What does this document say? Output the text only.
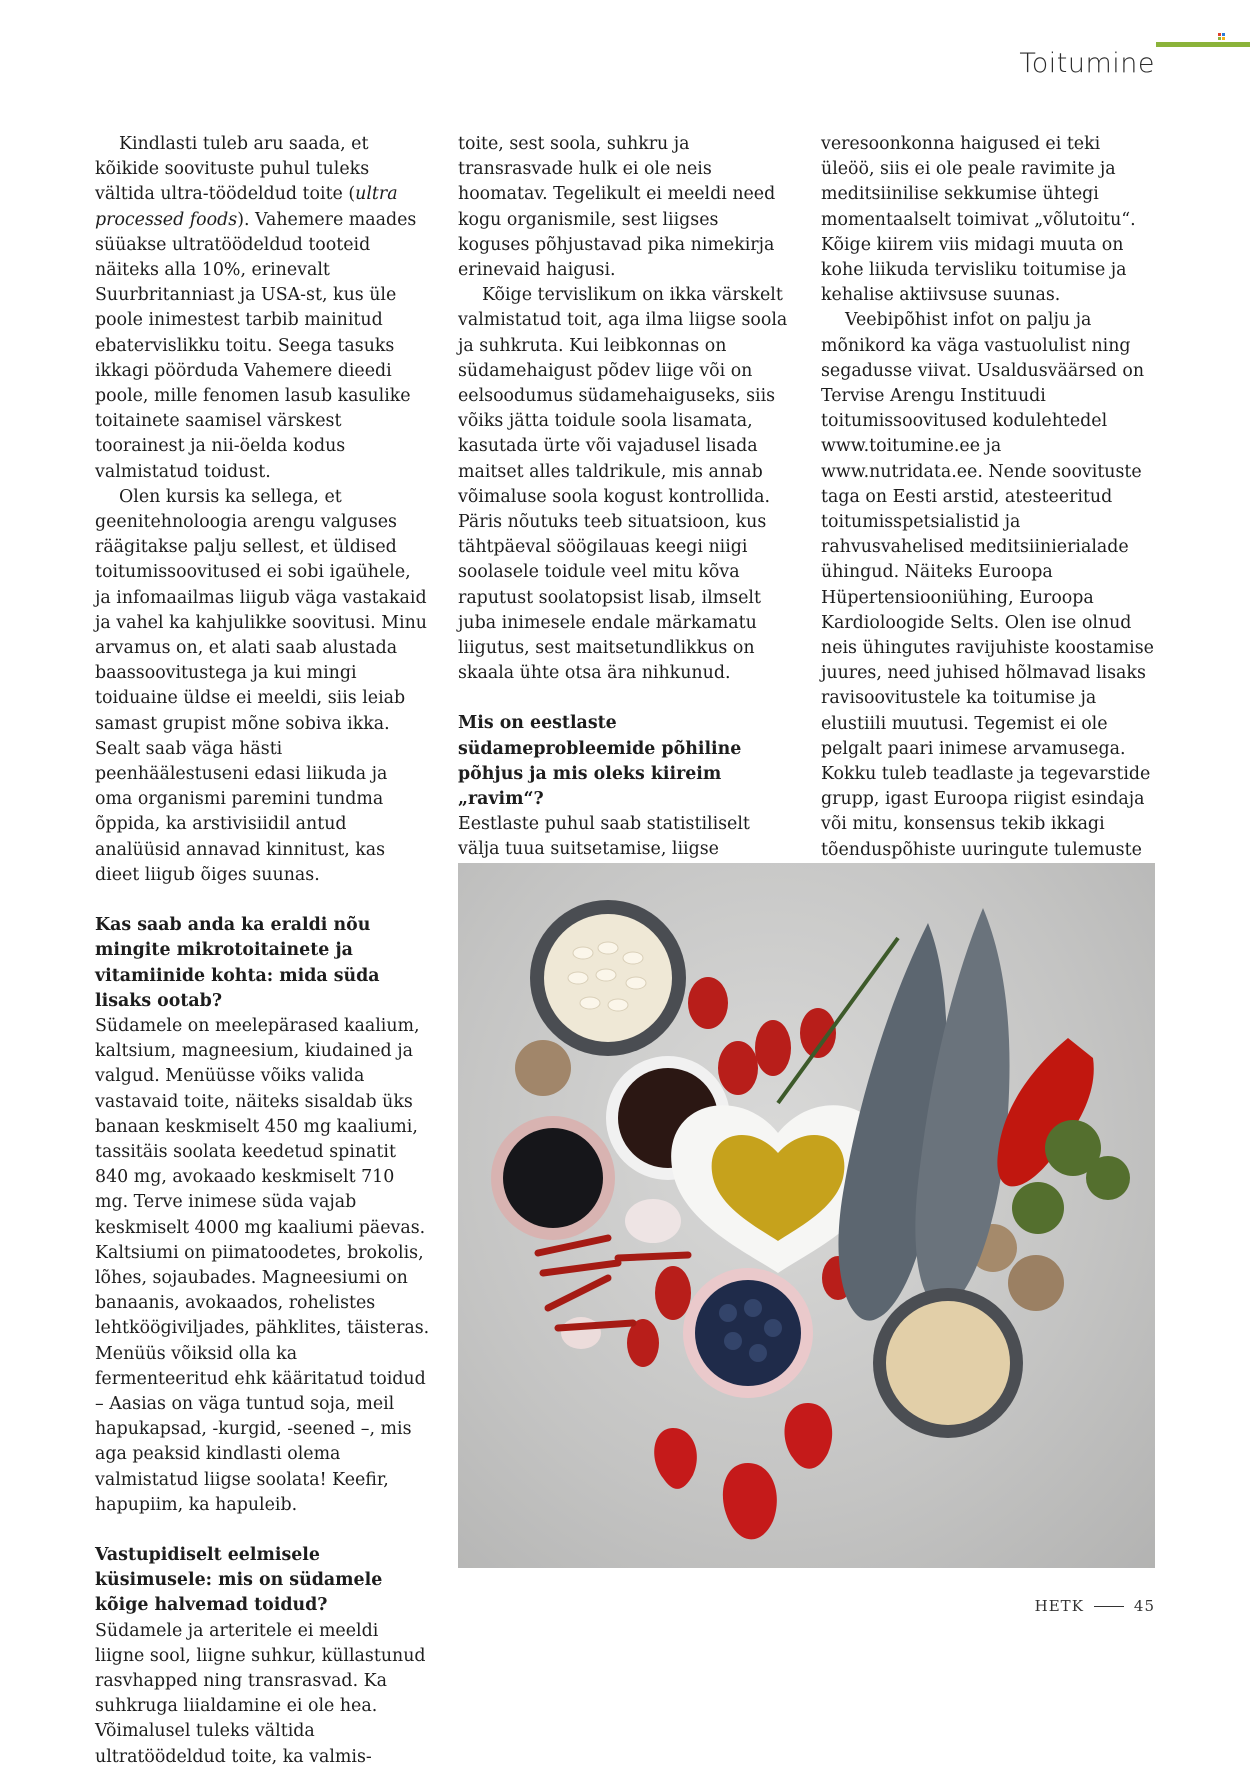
Toitumine

Kindlasti tuleb aru saada, et kõikide soovituste puhul tuleks vältida ultra-töödeldud toite (ultra processed foods). Vahemere maades süüakse ultratöödeldud tooteid näiteks alla 10%, erinevalt Suurbritanniast ja USA-st, kus üle poole inimestest tarbib mainitud ebatervislikku toitu. Seega tasuks ikkagi pöörduda Vahemere dieedi poole, mille fenomen lasub kasulike toitainete saamisel värskest toorainest ja nii-öelda kodus valmistatud toidust.

Olen kursis ka sellega, et geenitehnoloogia arengu valguses räägitakse palju sellest, et üldised toitumissoovitused ei sobi igaühele, ja infomaailmas liigub väga vastakaid ja vahel ka kahjulikke soovitusi. Minu arvamus on, et alati saab alustada baassoovitustega ja kui mingi toiduaine üldse ei meeldi, siis leiab samast grupist mõne sobiva ikka. Sealt saab väga hästi peenhäälestuseni edasi liikuda ja oma organismi paremini tundma õppida, ka arstivisiidil antud analüüsid annavad kinnitust, kas dieet liigub õiges suunas.

Kas saab anda ka eraldi nõu mingite mikrotoitainete ja vitamiinide kohta: mida süda lisaks ootab?

Südamele on meelepärased kaalium, kaltsium, magneesium, kiudained ja valgud. Menüüsse võiks valida vastavaid toite, näiteks sisaldab üks banaan keskmiselt 450 mg kaaliumi, tassitäis soolata keedetud spinatit 840 mg, avokaado keskmiselt 710 mg. Terve inimese süda vajab keskmiselt 4000 mg kaaliumi päevas. Kaltsiumi on piimatoodetes, brokolis, lõhes, sojaubades. Magneesiumi on banaanis, avokaados, rohelistes lehtköögiviljades, pähklites, täisteras. Menüüs võiksid olla ka fermenteeritud ehk kääritatud toidud – Aasias on väga tuntud soja, meil hapukapsad, -kurgid, -seened –, mis aga peaksid kindlasti olema valmistatud liigse soolata! Keefir, hapupiim, ka hapuleib.

Vastupidiselt eelmisele küsimusele: mis on südamele kõige halvemad toidud?

Südamele ja arteritele ei meeldi liigne sool, liigne suhkur, küllastunud rasvhapped ning transrasvad. Ka suhkruga liialdamine ei ole hea. Võimalusel tuleks vältida ultratöödeldud toite, ka valmis-

toite, sest soola, suhkru ja transrasvade hulk ei ole neis hoomatav. Tegelikult ei meeldi need kogu organismile, sest liigses koguses põhjustavad pika nimekirja erinevaid haigusi.

Kõige tervislikum on ikka värskelt valmistatud toit, aga ilma liigse soola ja suhkruta. Kui leibkonnas on südamehaigust põdev liige või on eelsoodumus südamehaiguseks, siis võiks jätta toidule soola lisamata, kasutada ürte või vajadusel lisada maitset alles taldrikule, mis annab võimaluse soola kogust kontrollida. Päris nõutuks teeb situatsioon, kus tähtpäeval söögilauas keegi niigi soolasele toidule veel mitu kõva raputust soolatopsist lisab, ilmselt juba inimesele endale märkamatu liigutus, sest maitsetundlikkus on skaala ühte otsa ära nihkunud.

Mis on eestlaste südameprobleemide põhiline põhjus ja mis oleks kiireim „ravim“?

Eestlaste puhul saab statistiliselt välja tuua suitsetamise, liigse

veresoonkonna haigused ei teki üleöö, siis ei ole peale ravimite ja meditsiinilise sekkumise ühtegi momentaalselt toimivat „võlutoitu“. Kõige kiirem viis midagi muuta on kohe liikuda tervisliku toitumise ja kehalise aktiivsuse suunas.

Veebipõhist infot on palju ja mõnikord ka väga vastuolulist ning segadusse viivat. Usaldusväärsed on Tervise Arengu Instituudi toitumissoovitused kodulehtedel www.toitumine.ee ja www.nutridata.ee. Nende soovituste taga on Eesti arstid, atesteeritud toitumisspetsialistid ja rahvusvahelised meditsiinierialade ühingud. Näiteks Euroopa Hüpertensiooniühing, Euroopa Kardioloogide Selts. Olen ise olnud neis ühingutes ravijuhiste koostamise juures, need juhised hõlmavad lisaks ravisoovitustele ka toitumise ja elustiili muutusi. Tegemist ei ole pelgalt paari inimese arvamusega. Kokku tuleb teadlaste ja tegevarstide grupp, igast Euroopa riigist esindaja või mitu, konsensus tekib ikkagi tõenduspõhiste uuringute tulemuste

HETK	45
